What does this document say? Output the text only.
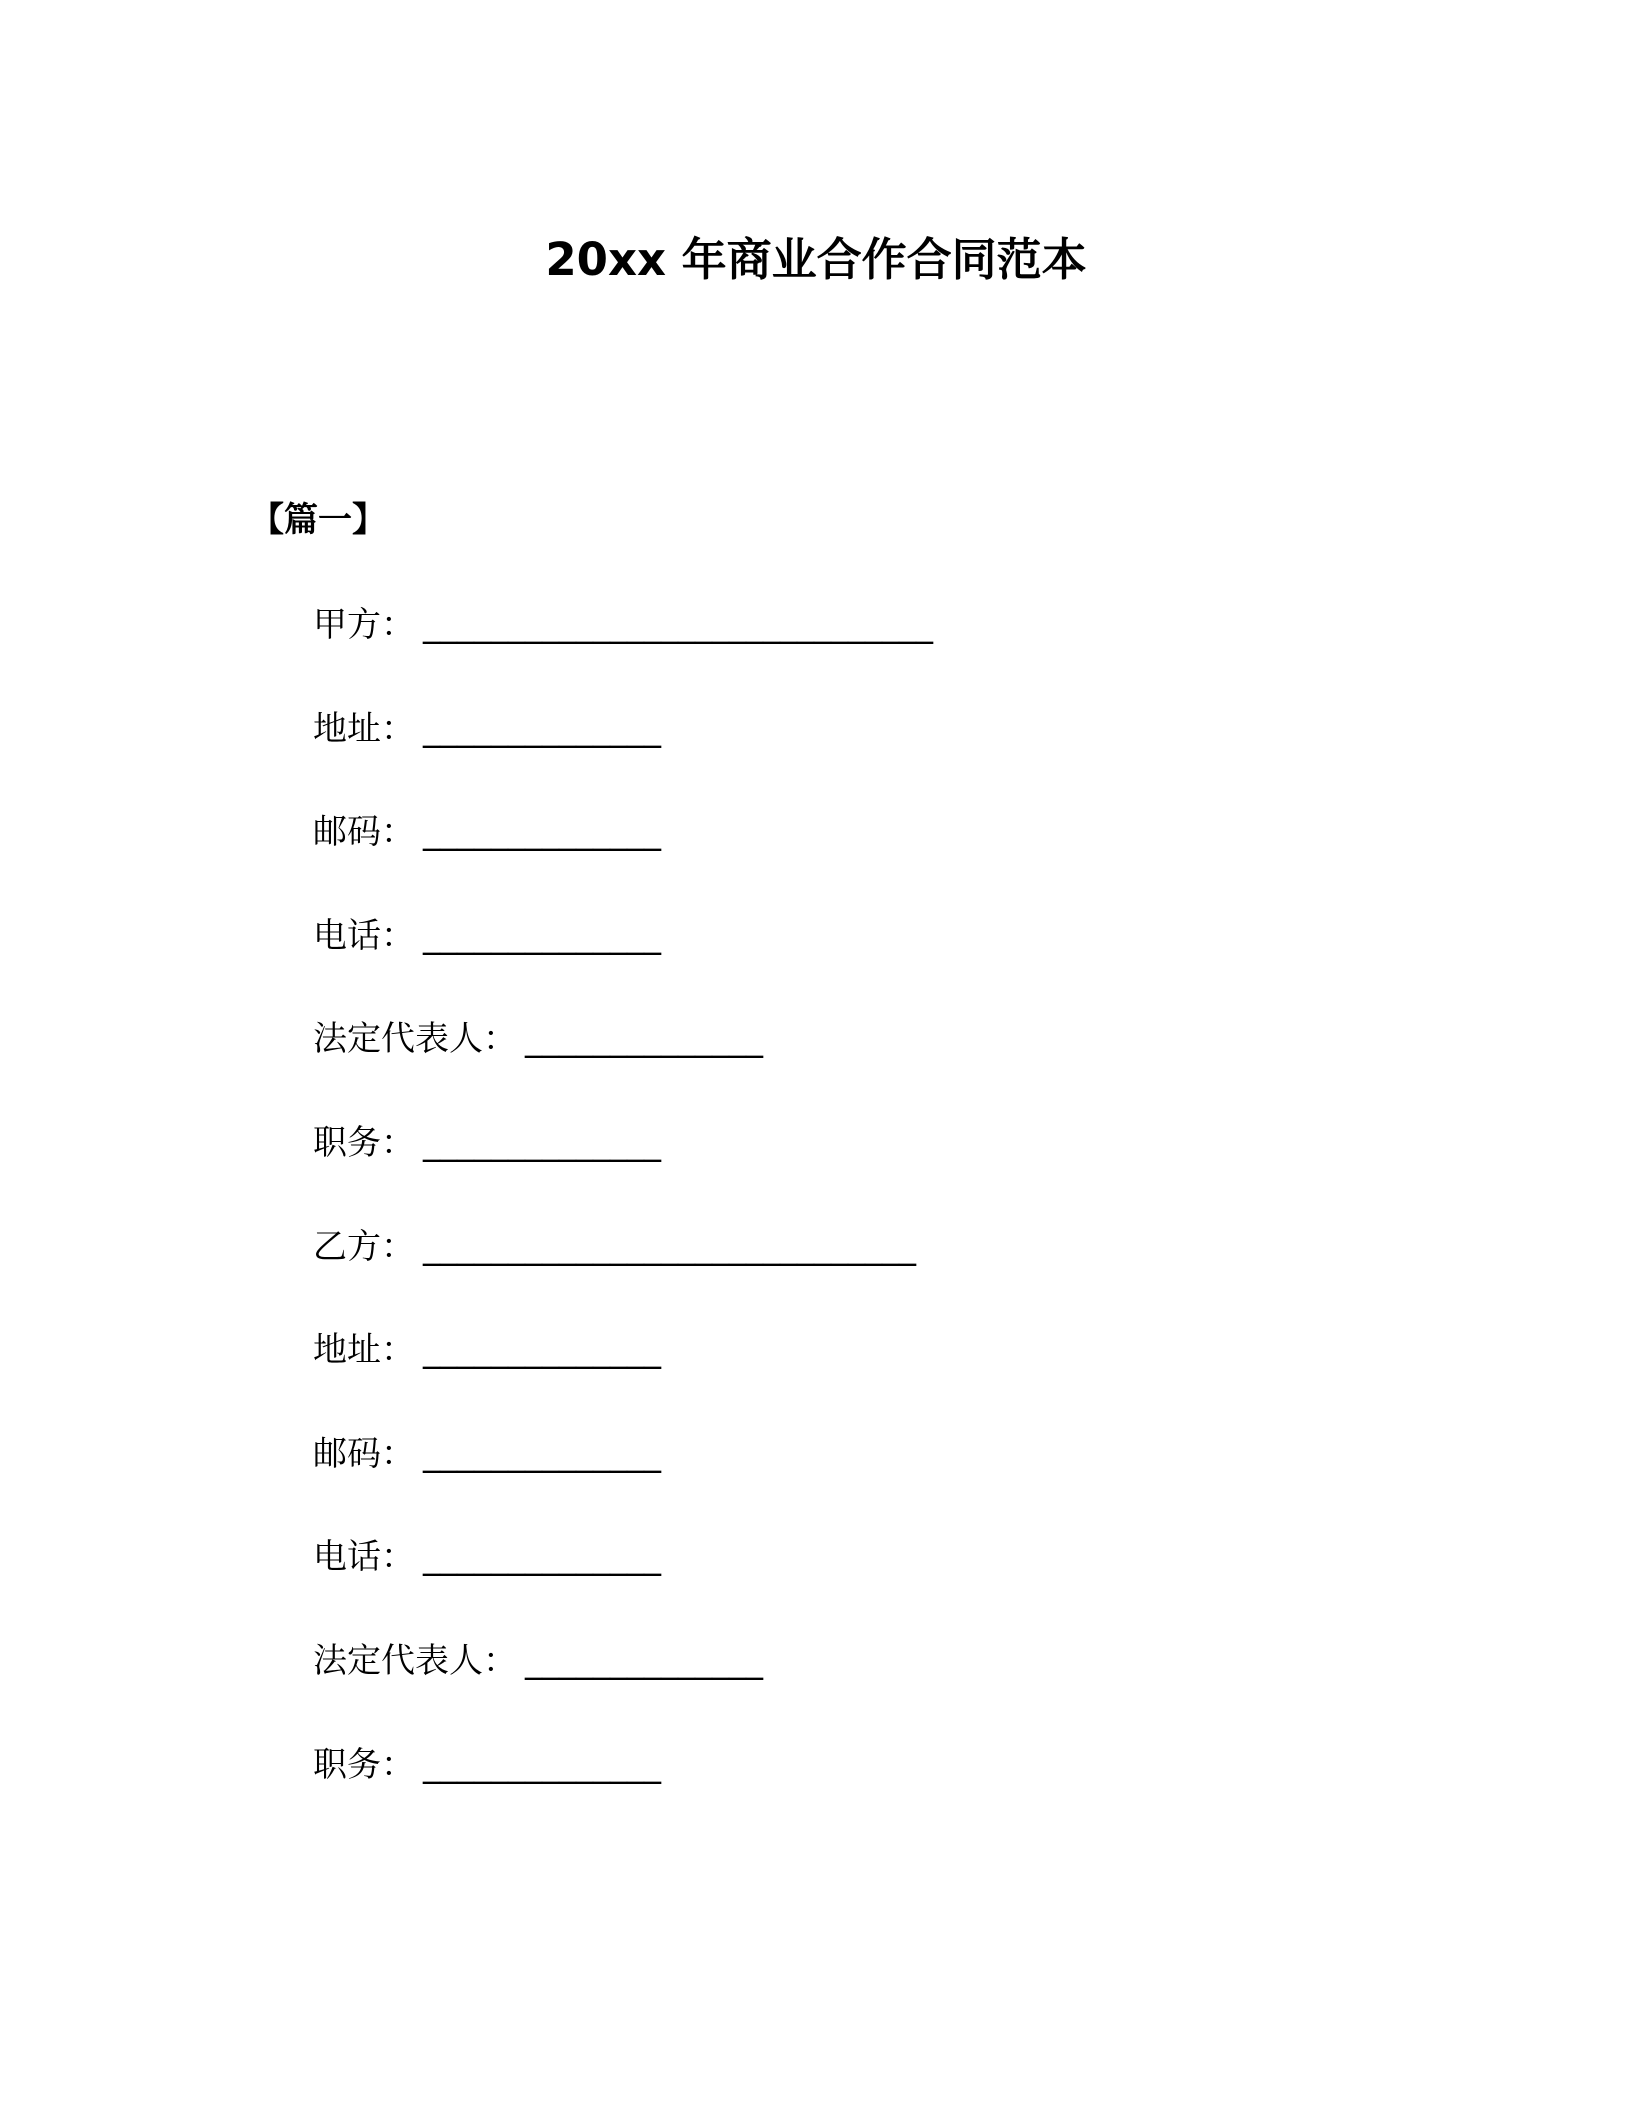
20xx 年商业合作合同范本
【篇一】
甲方： ______________________________
地址： ______________
邮码： ______________
电话： ______________
法定代表人： ______________
职务： ______________
乙方： _____________________________
地址： ______________
邮码： ______________
电话： ______________
法定代表人： ______________
职务： ______________
